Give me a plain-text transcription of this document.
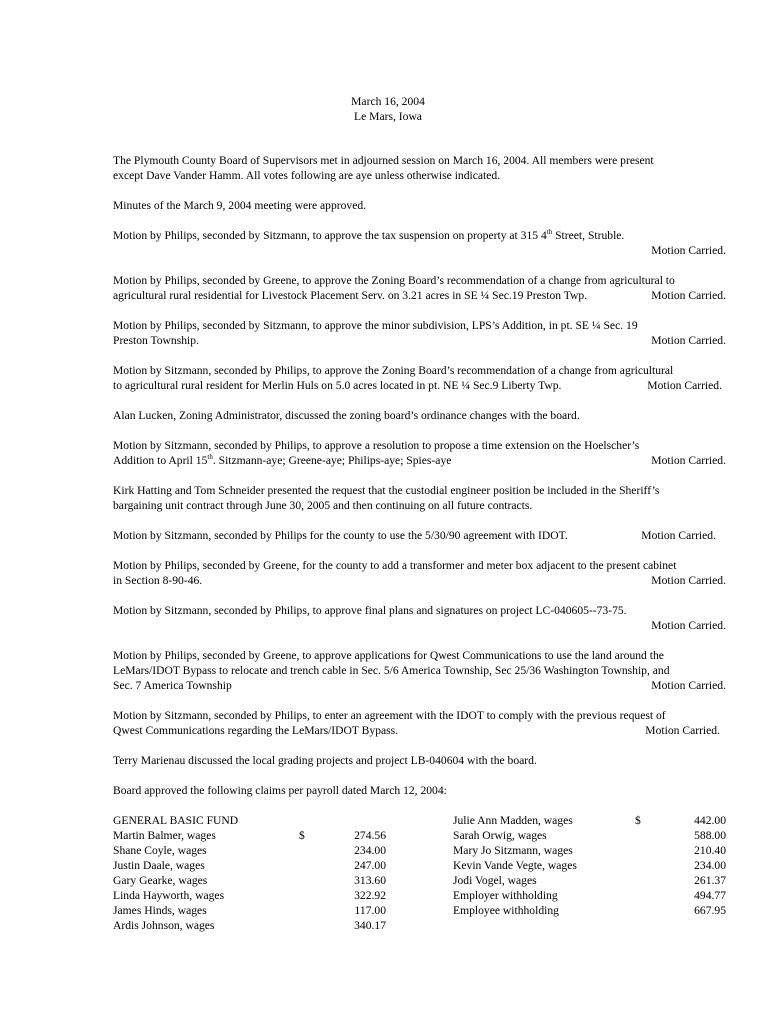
March 16, 2004
Le Mars, Iowa

The Plymouth County Board of Supervisors met in adjourned session on March 16, 2004. All members were present
except Dave Vander Hamm. All votes following are aye unless otherwise indicated.

Minutes of the March 9, 2004 meeting were approved.

Motion by Philips, seconded by Sitzmann, to approve the tax suspension on property at 315 4th Street, Struble.

Motion Carried.

Motion by Philips, seconded by Greene, to approve the Zoning Board’s recommendation of a change from agricultural to
agricultural rural residential for Livestock Placement Serv. on 3.21 acres in SE ¼ Sec.19 Preston Twp.	Motion Carried.

Motion by Philips, seconded by Sitzmann, to approve the minor subdivision, LPS’s Addition, in pt. SE ¼ Sec. 19
Preston Township.	Motion Carried.

Motion by Sitzmann, seconded by Philips, to approve the Zoning Board’s recommendation of a change from agricultural
to agricultural rural resident for Merlin Huls on 5.0 acres located in pt. NE ¼ Sec.9 Liberty Twp.	Motion Carried.

Alan Lucken, Zoning Administrator, discussed the zoning board’s ordinance changes with the board.

Motion by Sitzmann, seconded by Philips, to approve a resolution to propose a time extension on the Hoelscher’s
Addition to April 15th. Sitzmann-aye; Greene-aye; Philips-aye; Spies-aye	Motion Carried.

Kirk Hatting and Tom Schneider presented the request that the custodial engineer position be included in the Sheriff’s
bargaining unit contract through June 30, 2005 and then continuing on all future contracts.

Motion by Sitzmann, seconded by Philips for the county to use the 5/30/90 agreement with IDOT.	Motion Carried.

Motion by Philips, seconded by Greene, for the county to add a transformer and meter box adjacent to the present cabinet
in Section 8-90-46.	Motion Carried.

Motion by Sitzmann, seconded by Philips, to approve final plans and signatures on project LC-040605--73-75.

Motion Carried.

Motion by Philips, seconded by Greene, to approve applications for Qwest Communications to use the land around the
LeMars/IDOT Bypass to relocate and trench cable in Sec. 5/6 America Township, Sec 25/36 Washington Township, and
Sec. 7 America Township	Motion Carried.

Motion by Sitzmann, seconded by Philips, to enter an agreement with the IDOT to comply with the previous request of
Qwest Communications regarding the LeMars/IDOT Bypass.	Motion Carried.

Terry Marienau discussed the local grading projects and project LB-040604 with the board.

Board approved the following claims per payroll dated March 12, 2004:

GENERAL BASIC FUND
Martin Balmer, wages	$	274.56
Shane Coyle, wages	234.00
Justin Daale, wages	247.00
Gary Gearke, wages	313.60
Linda Hayworth, wages	322.92
James Hinds, wages	117.00
Ardis Johnson, wages	340.17
Julie Ann Madden, wages	$	442.00
Sarah Orwig, wages	588.00
Mary Jo Sitzmann, wages	210.40
Kevin Vande Vegte, wages	234.00
Jodi Vogel, wages	261.37
Employer withholding	494.77
Employee withholding	667.95
